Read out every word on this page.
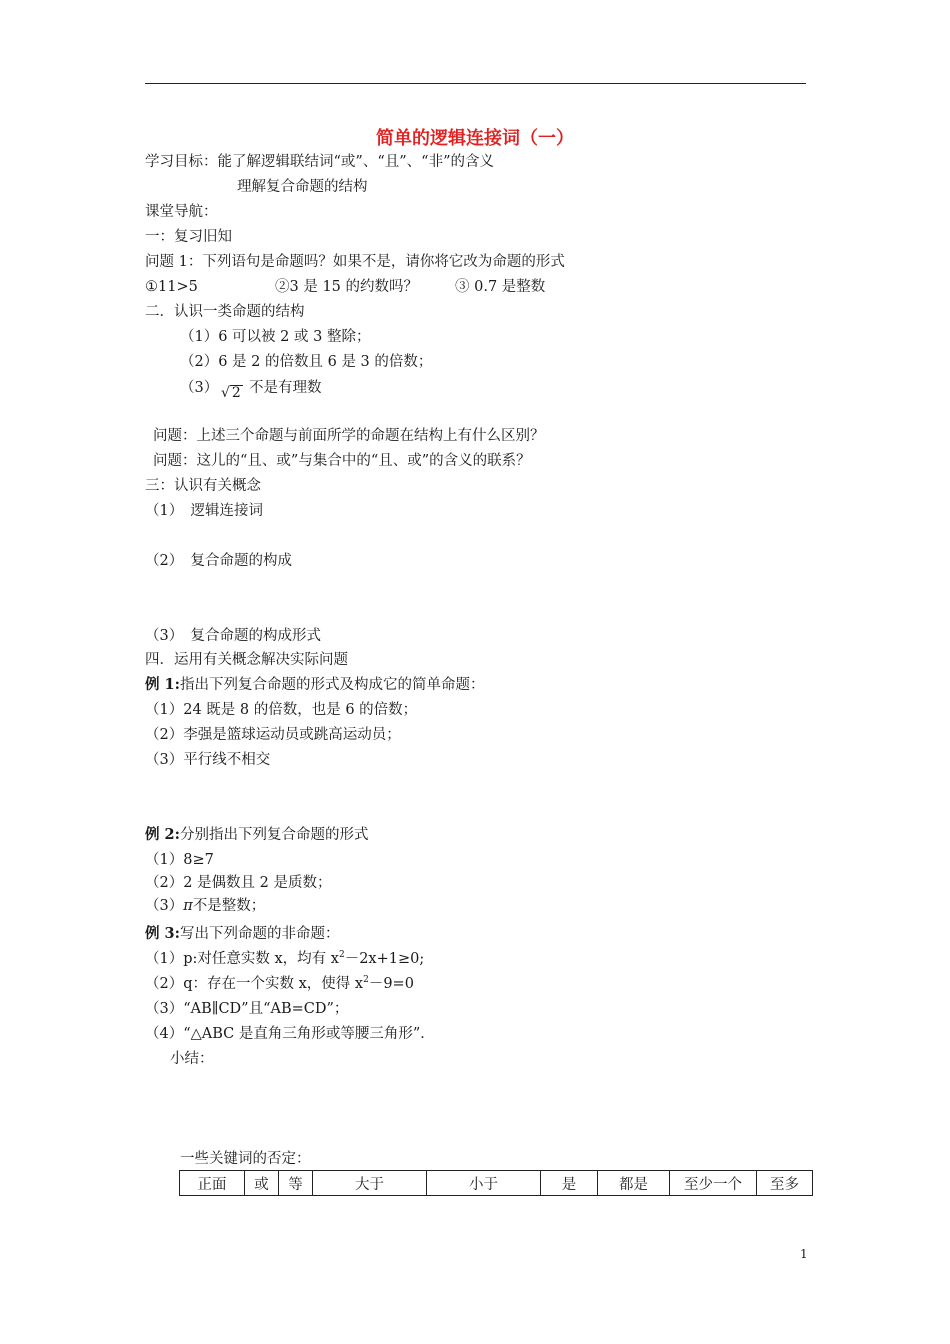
简单的逻辑连接词（一）
学习目标：能了解逻辑联结词“或”、“且”、“非”的含义
理解复合命题的结构
课堂导航：
一：复习旧知
问题 1：下列语句是命题吗？如果不是，请你将它改为命题的形式
①11>5	②3 是 15 的约数吗？	③ 0.7 是整数
二．认识一类命题的结构
（1）6 可以被 2 或 3 整除；
（2）6 是 2 的倍数且 6 是 3 的倍数；
（3） √ 2 不是有理数
问题：上述三个命题与前面所学的命题在结构上有什么区别？
问题：这儿的“且、或”与集合中的“且、或”的含义的联系？
三：认识有关概念
（1）　逻辑连接词
（2）　复合命题的构成
（3）　复合命题的构成形式
四．运用有关概念解决实际问题
例 1:指出下列复合命题的形式及构成它的简单命题：
（1）24 既是 8 的倍数，也是 6 的倍数；
（2）李强是篮球运动员或跳高运动员；
（3）平行线不相交
例 2:分别指出下列复合命题的形式
（1）8≥7
（2）2 是偶数且 2 是质数；
（3）π不是整数；
例 3:写出下列命题的非命题：
（1）p:对任意实数 x，均有 $x^2-2x+1\ge 0$;
（2）q：存在一个实数 x，使得 $x^2-9=0$
（3）“AB∥CD”且“AB=CD”；
（4）“△ABC 是直角三角形或等腰三角形”．
小结：
一些关键词的否定：
正面	或	等	大于	小于	是	都是	至少一个	至多
1
